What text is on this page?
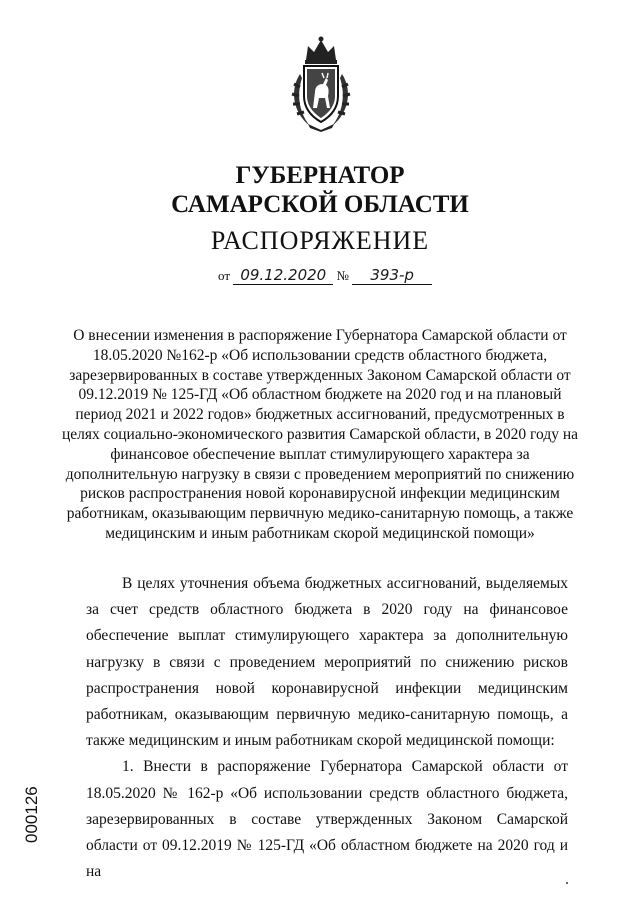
ГУБЕРНАТОР
САМАРСКОЙ ОБЛАСТИ
РАСПОРЯЖЕНИЕ
от 09.12.2020 № 393-р
О внесении изменения в распоряжение Губернатора Самарской области от 18.05.2020 №162-р «Об использовании средств областного бюджета, зарезервированных в составе утвержденных Законом Самарской области от 09.12.2019 № 125-ГД «Об областном бюджете на 2020 год и на плановый период 2021 и 2022 годов» бюджетных ассигнований, предусмотренных в целях социально-экономического развития Самарской области, в 2020 году на финансовое обеспечение выплат стимулирующего характера за дополнительную нагрузку в связи с проведением мероприятий по снижению рисков распространения новой коронавирусной инфекции медицинским работникам, оказывающим первичную медико-санитарную помощь, а также медицинским и иным работникам скорой медицинской помощи»

В целях уточнения объема бюджетных ассигнований, выделяемых за счет средств областного бюджета в 2020 году на финансовое обеспечение выплат стимулирующего характера за дополнительную нагрузку в связи с проведением мероприятий по снижению рисков распространения новой коронавирусной инфекции медицинским работникам, оказывающим первичную медико-санитарную помощь, а также медицинским и иным работникам скорой медицинской помощи:

1. Внести в распоряжение Губернатора Самарской области от 18.05.2020 № 162-р «Об использовании средств областного бюджета, зарезервированных в составе утвержденных Законом Самарской области от 09.12.2019 № 125-ГД «Об областном бюджете на 2020 год и на

000126
